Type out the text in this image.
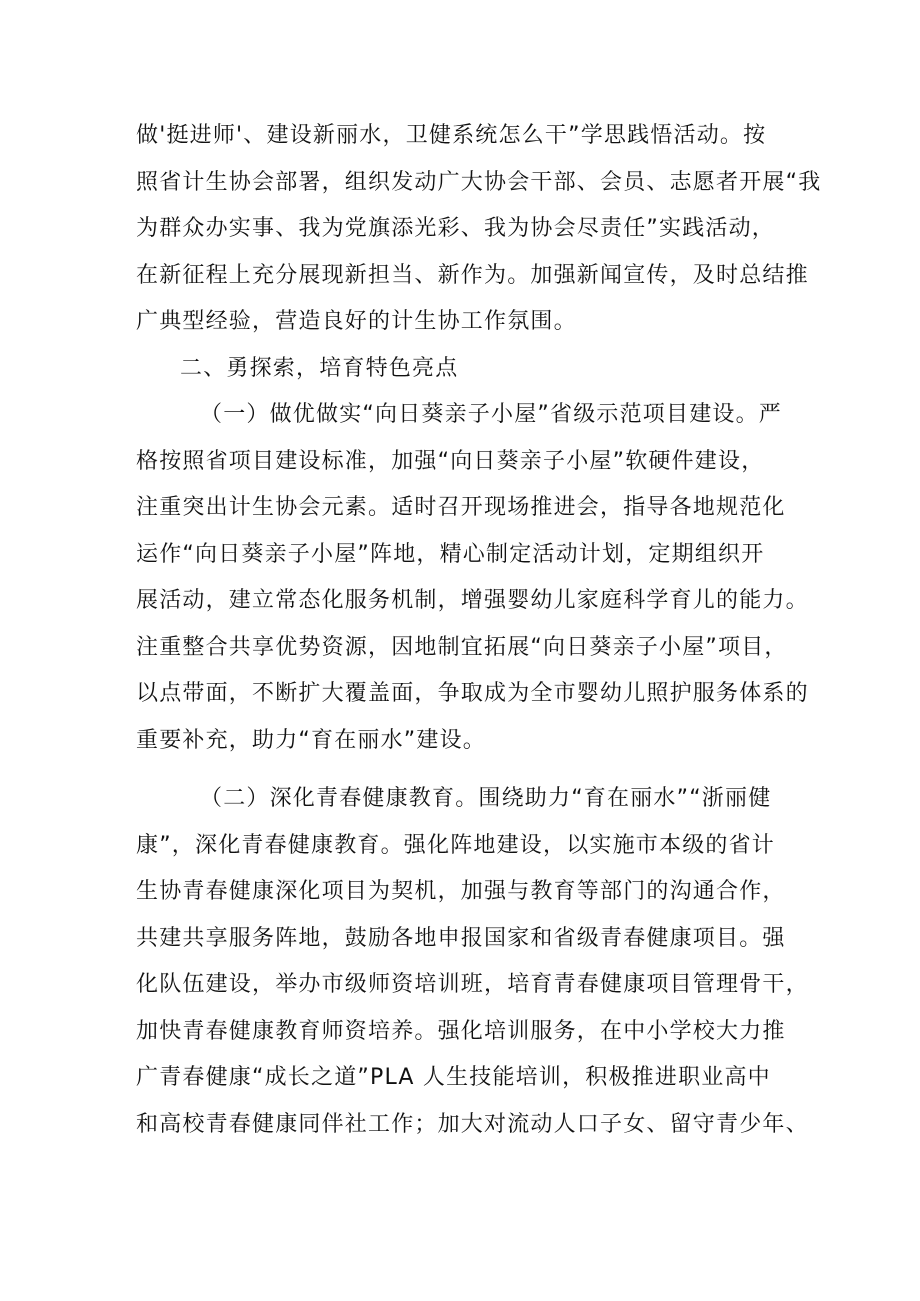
做'挺进师'、建设新丽水，卫健系统怎么干”学思践悟活动。按
照省计生协会部署，组织发动广大协会干部、会员、志愿者开展“我
为群众办实事、我为党旗添光彩、我为协会尽责任”实践活动，
在新征程上充分展现新担当、新作为。加强新闻宣传，及时总结推
广典型经验，营造良好的计生协工作氛围。
二、勇探索，培育特色亮点
（一）做优做实“向日葵亲子小屋”省级示范项目建设。严
格按照省项目建设标准，加强“向日葵亲子小屋”软硬件建设，
注重突出计生协会元素。适时召开现场推进会，指导各地规范化
运作“向日葵亲子小屋”阵地，精心制定活动计划，定期组织开
展活动，建立常态化服务机制，增强婴幼儿家庭科学育儿的能力。
注重整合共享优势资源，因地制宜拓展“向日葵亲子小屋”项目，
以点带面，不断扩大覆盖面，争取成为全市婴幼儿照护服务体系的
重要补充，助力“育在丽水”建设。
（二）深化青春健康教育。围绕助力“育在丽水”“浙丽健
康”，深化青春健康教育。强化阵地建设，以实施市本级的省计
生协青春健康深化项目为契机，加强与教育等部门的沟通合作，
共建共享服务阵地，鼓励各地申报国家和省级青春健康项目。强
化队伍建设，举办市级师资培训班，培育青春健康项目管理骨干，
加快青春健康教育师资培养。强化培训服务，在中小学校大力推
广青春健康“成长之道”PLA 人生技能培训，积极推进职业高中
和高校青春健康同伴社工作；加大对流动人口子女、留守青少年、
